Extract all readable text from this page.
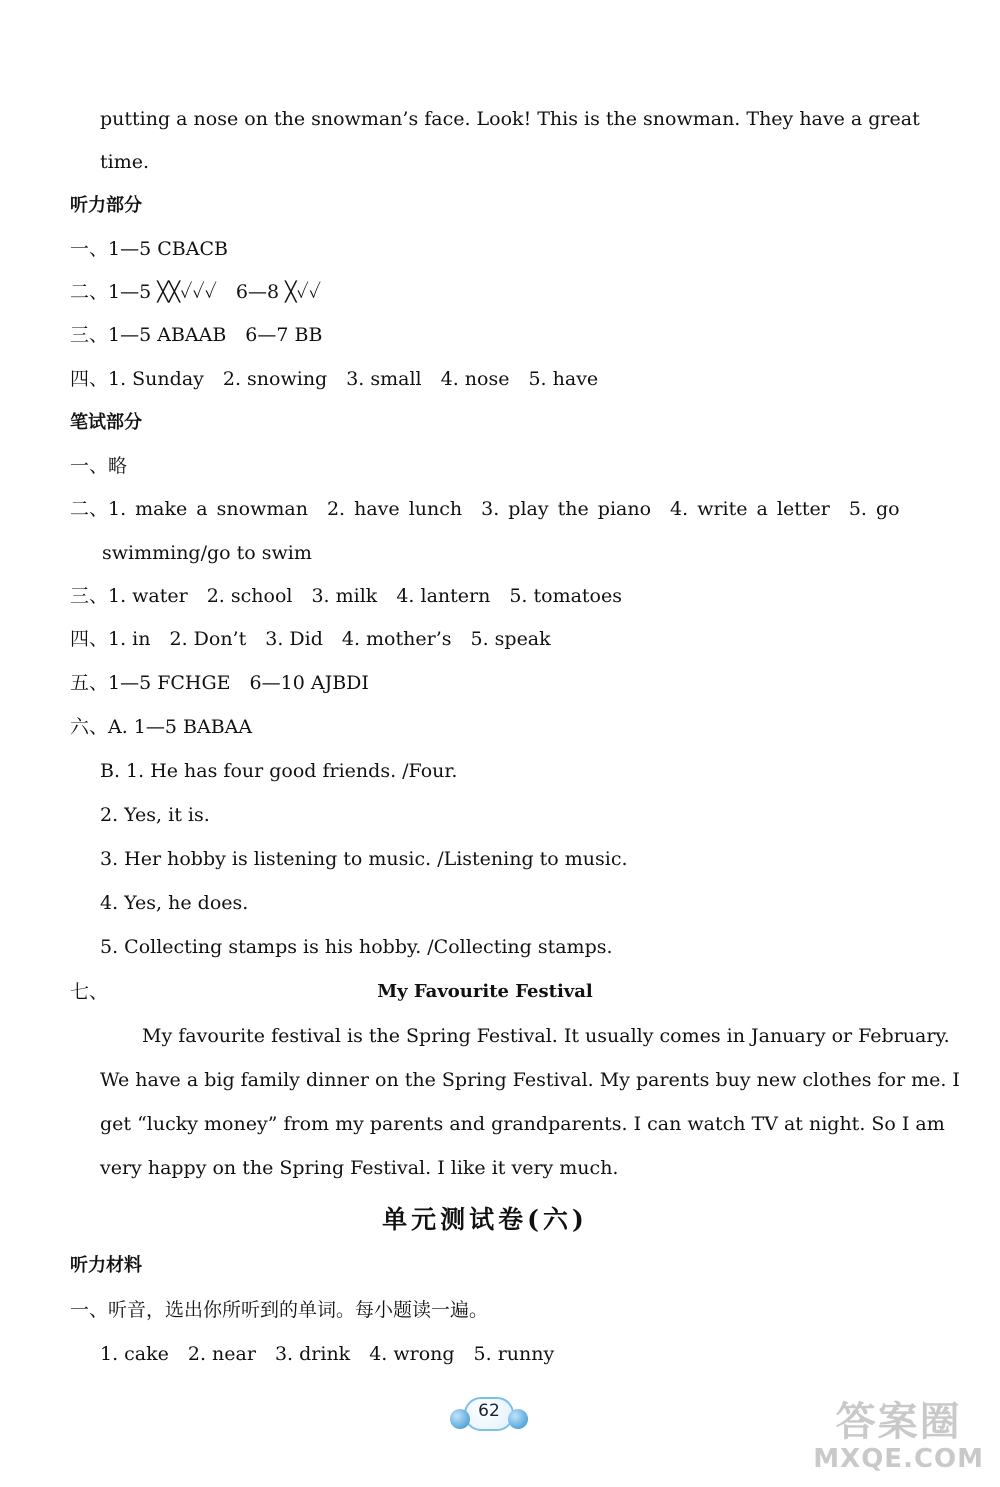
putting a nose on the snowman’s face. Look! This is the snowman. They have a great
time.
听力部分
一、1—5 CBACB
二、1—5 ╳╳✓✓✓　6—8 ╳✓✓
三、1—5 ABAAB　6—7 BB
四、1. Sunday　2. snowing　3. small　4. nose　5. have
笔试部分
一、略
二、1. make a snowman　2. have lunch　3. play the piano　4. write a letter　5. go
swimming/go to swim
三、1. water　2. school　3. milk　4. lantern　5. tomatoes
四、1. in　2. Don’t　3. Did　4. mother’s　5. speak
五、1—5 FCHGE　6—10 AJBDI
六、A. 1—5 BABAA
B. 1. He has four good friends. /Four.
2. Yes, it is.
3. Her hobby is listening to music. /Listening to music.
4. Yes, he does.
5. Collecting stamps is his hobby. /Collecting stamps.
七、	My Favourite Festival
My favourite festival is the Spring Festival. It usually comes in January or February.
We have a big family dinner on the Spring Festival. My parents buy new clothes for me. I
get “lucky money” from my parents and grandparents. I can watch TV at night. So I am
very happy on the Spring Festival. I like it very much.
单元测试卷(六)
听力材料
一、听音，选出你所听到的单词。每小题读一遍。
1. cake　2. near　3. drink　4. wrong　5. runny
62	答案圈
MXQE.COM
